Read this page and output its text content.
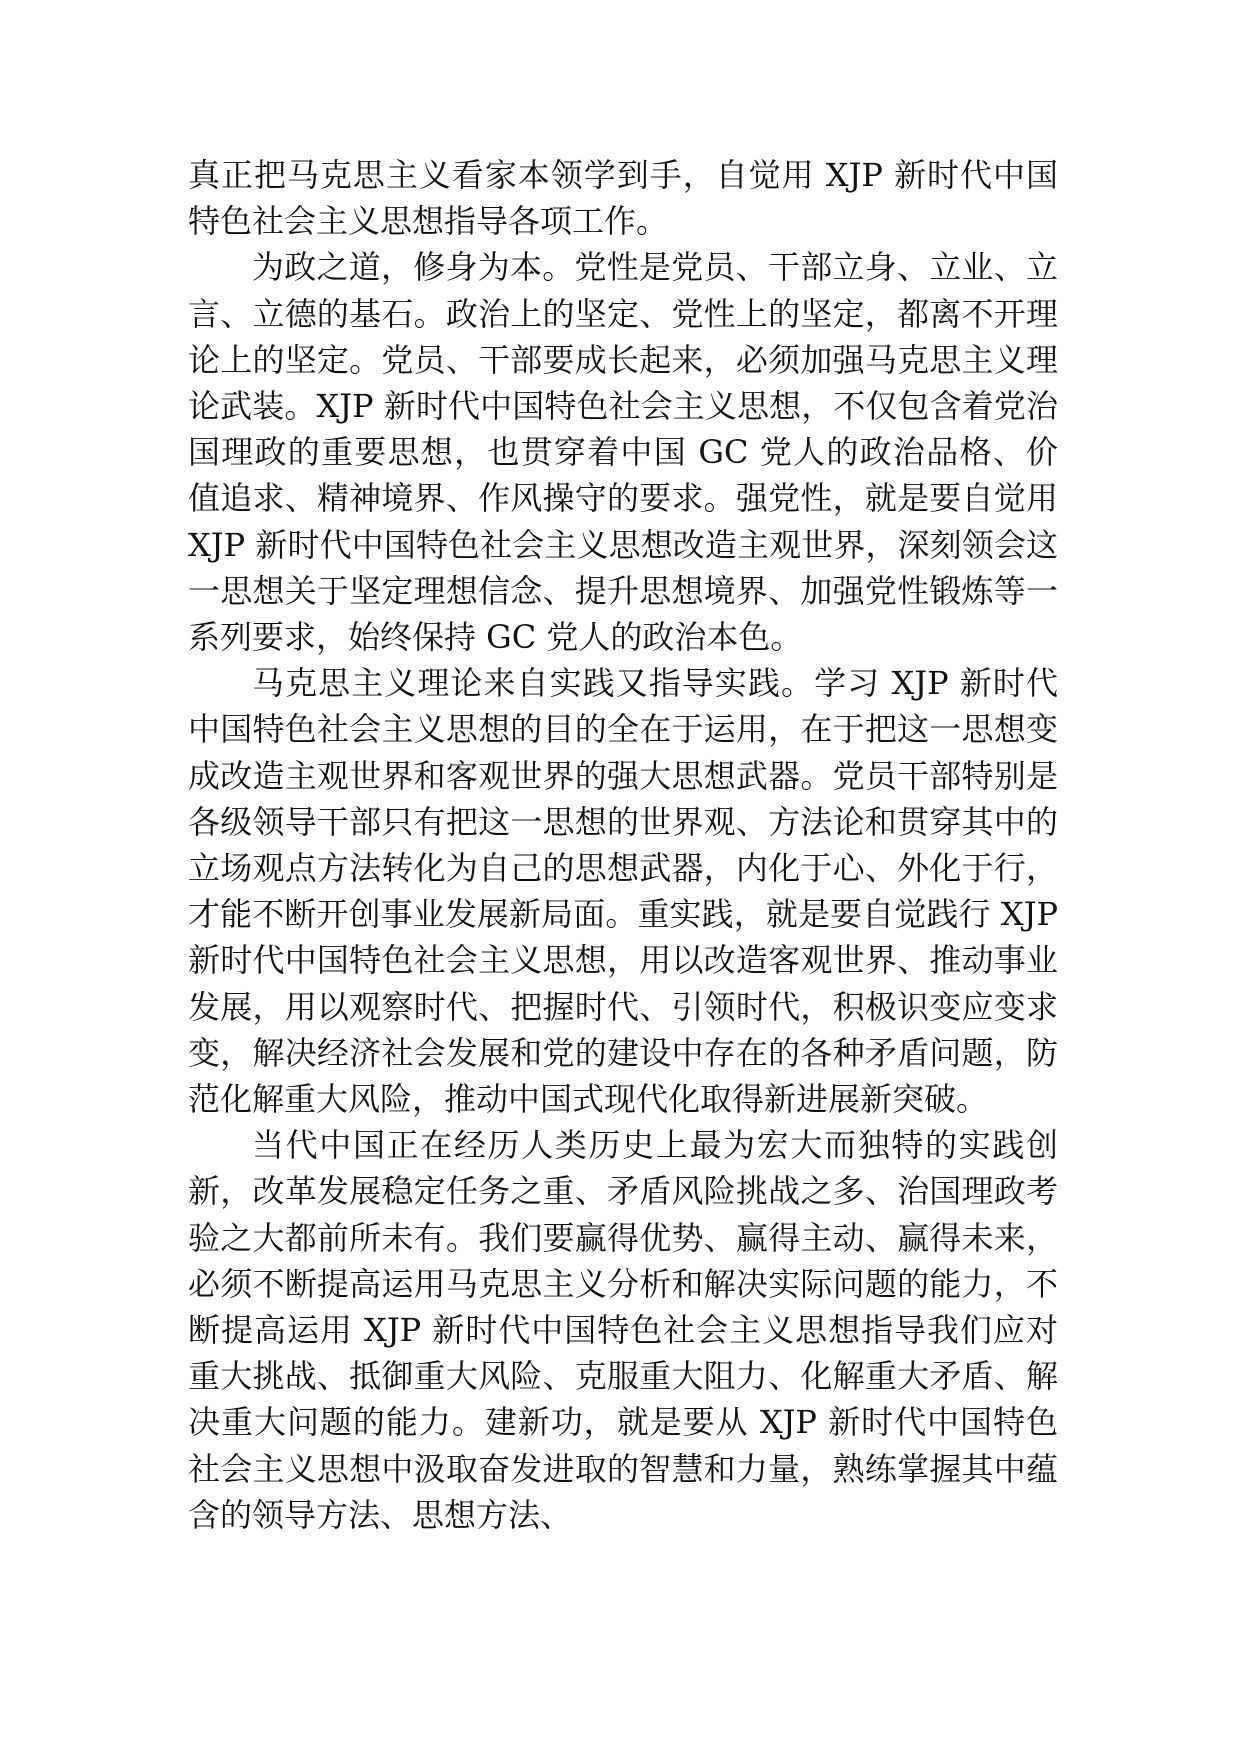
真正把马克思主义看家本领学到手，自觉用 XJP 新时代中国特色社会主义思想指导各项工作。

为政之道，修身为本。党性是党员、干部立身、立业、立言、立德的基石。政治上的坚定、党性上的坚定，都离不开理论上的坚定。党员、干部要成长起来，必须加强马克思主义理论武装。XJP 新时代中国特色社会主义思想，不仅包含着党治国理政的重要思想，也贯穿着中国 GC 党人的政治品格、价值追求、精神境界、作风操守的要求。强党性，就是要自觉用 XJP 新时代中国特色社会主义思想改造主观世界，深刻领会这一思想关于坚定理想信念、提升思想境界、加强党性锻炼等一系列要求，始终保持 GC 党人的政治本色。

马克思主义理论来自实践又指导实践。学习 XJP 新时代中国特色社会主义思想的目的全在于运用，在于把这一思想变成改造主观世界和客观世界的强大思想武器。党员干部特别是各级领导干部只有把这一思想的世界观、方法论和贯穿其中的立场观点方法转化为自己的思想武器，内化于心、外化于行，才能不断开创事业发展新局面。重实践，就是要自觉践行 XJP 新时代中国特色社会主义思想，用以改造客观世界、推动事业发展，用以观察时代、把握时代、引领时代，积极识变应变求变，解决经济社会发展和党的建设中存在的各种矛盾问题，防范化解重大风险，推动中国式现代化取得新进展新突破。

当代中国正在经历人类历史上最为宏大而独特的实践创新，改革发展稳定任务之重、矛盾风险挑战之多、治国理政考验之大都前所未有。我们要赢得优势、赢得主动、赢得未来，必须不断提高运用马克思主义分析和解决实际问题的能力，不断提高运用 XJP 新时代中国特色社会主义思想指导我们应对重大挑战、抵御重大风险、克服重大阻力、化解重大矛盾、解决重大问题的能力。建新功，就是要从 XJP 新时代中国特色社会主义思想中汲取奋发进取的智慧和力量，熟练掌握其中蕴含的领导方法、思想方法、
